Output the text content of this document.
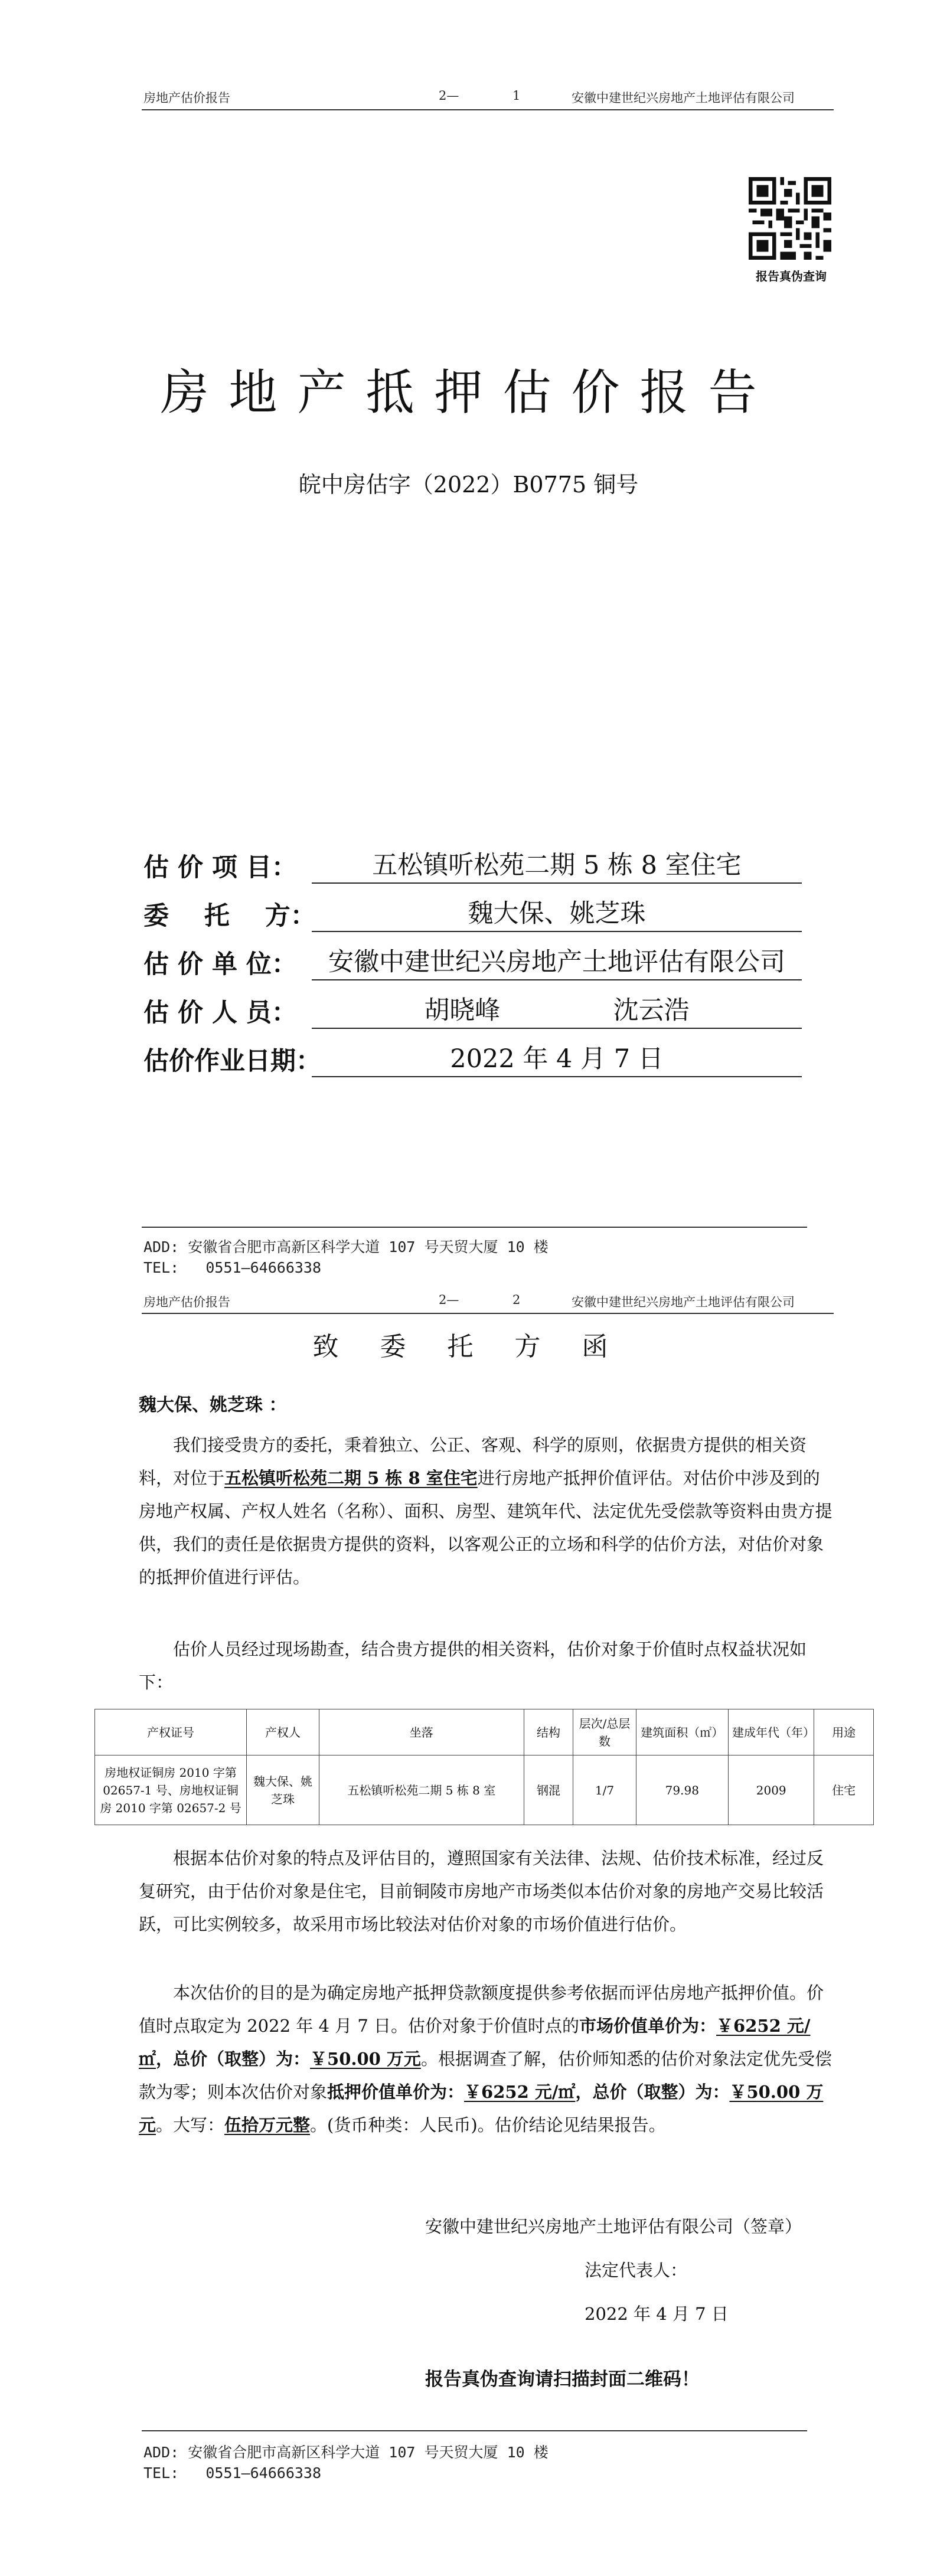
房地产估价报告	2—	1	安徽中建世纪兴房地产土地评估有限公司
报告真伪查询
房地产抵押估价报告
皖中房估字（2022）B0775 铜号
估 价 项 目：	五松镇听松苑二期 5 栋 8 室住宅
委    托    方：	魏大保、姚芝珠
估 价 单 位：	安徽中建世纪兴房地产土地评估有限公司
估 价 人 员：	胡晓峰              沈云浩
估价作业日期：	2022 年 4 月 7 日
ADD: 安徽省合肥市高新区科学大道 107 号天贸大厦 10 楼
TEL:   0551—64666338
房地产估价报告	2—	2	安徽中建世纪兴房地产土地评估有限公司
致 委 托 方 函
魏大保、姚芝珠 ：
我们接受贵方的委托，秉着独立、公正、客观、科学的原则，依据贵方提供的相关资料，对位于五松镇听松苑二期 5 栋 8 室住宅进行房地产抵押价值评估。对估价中涉及到的房地产权属、产权人姓名（名称）、面积、房型、建筑年代、法定优先受偿款等资料由贵方提供，我们的责任是依据贵方提供的资料，以客观公正的立场和科学的估价方法，对估价对象的抵押价值进行评估。
估价人员经过现场勘查，结合贵方提供的相关资料，估价对象于价值时点权益状况如下：
产权证号	产权人	坐落	结构	层次/总层数	建筑面积（㎡）	建成年代（年）	用途
房地权证铜房 2010 字第 02657-1 号、房地权证铜房 2010 字第 02657-2 号	魏大保、姚芝珠	五松镇听松苑二期 5 栋 8 室	钢混	1/7	79.98	2009	住宅
根据本估价对象的特点及评估目的，遵照国家有关法律、法规、估价技术标准，经过反复研究，由于估价对象是住宅，目前铜陵市房地产市场类似本估价对象的房地产交易比较活跃，可比实例较多，故采用市场比较法对估价对象的市场价值进行估价。
本次估价的目的是为确定房地产抵押贷款额度提供参考依据而评估房地产抵押价值。价值时点取定为 2022 年 4 月 7 日。估价对象于价值时点的市场价值单价为：￥6252 元/㎡，总价（取整）为：￥50.00 万元。根据调查了解，估价师知悉的估价对象法定优先受偿款为零；则本次估价对象抵押价值单价为：￥6252 元/㎡，总价（取整）为：￥50.00 万元。大写：伍拾万元整。(货币种类：人民币)。估价结论见结果报告。
安徽中建世纪兴房地产土地评估有限公司（签章）
法定代表人：
2022 年 4 月 7 日
报告真伪查询请扫描封面二维码！
ADD: 安徽省合肥市高新区科学大道 107 号天贸大厦 10 楼
TEL:   0551—64666338
